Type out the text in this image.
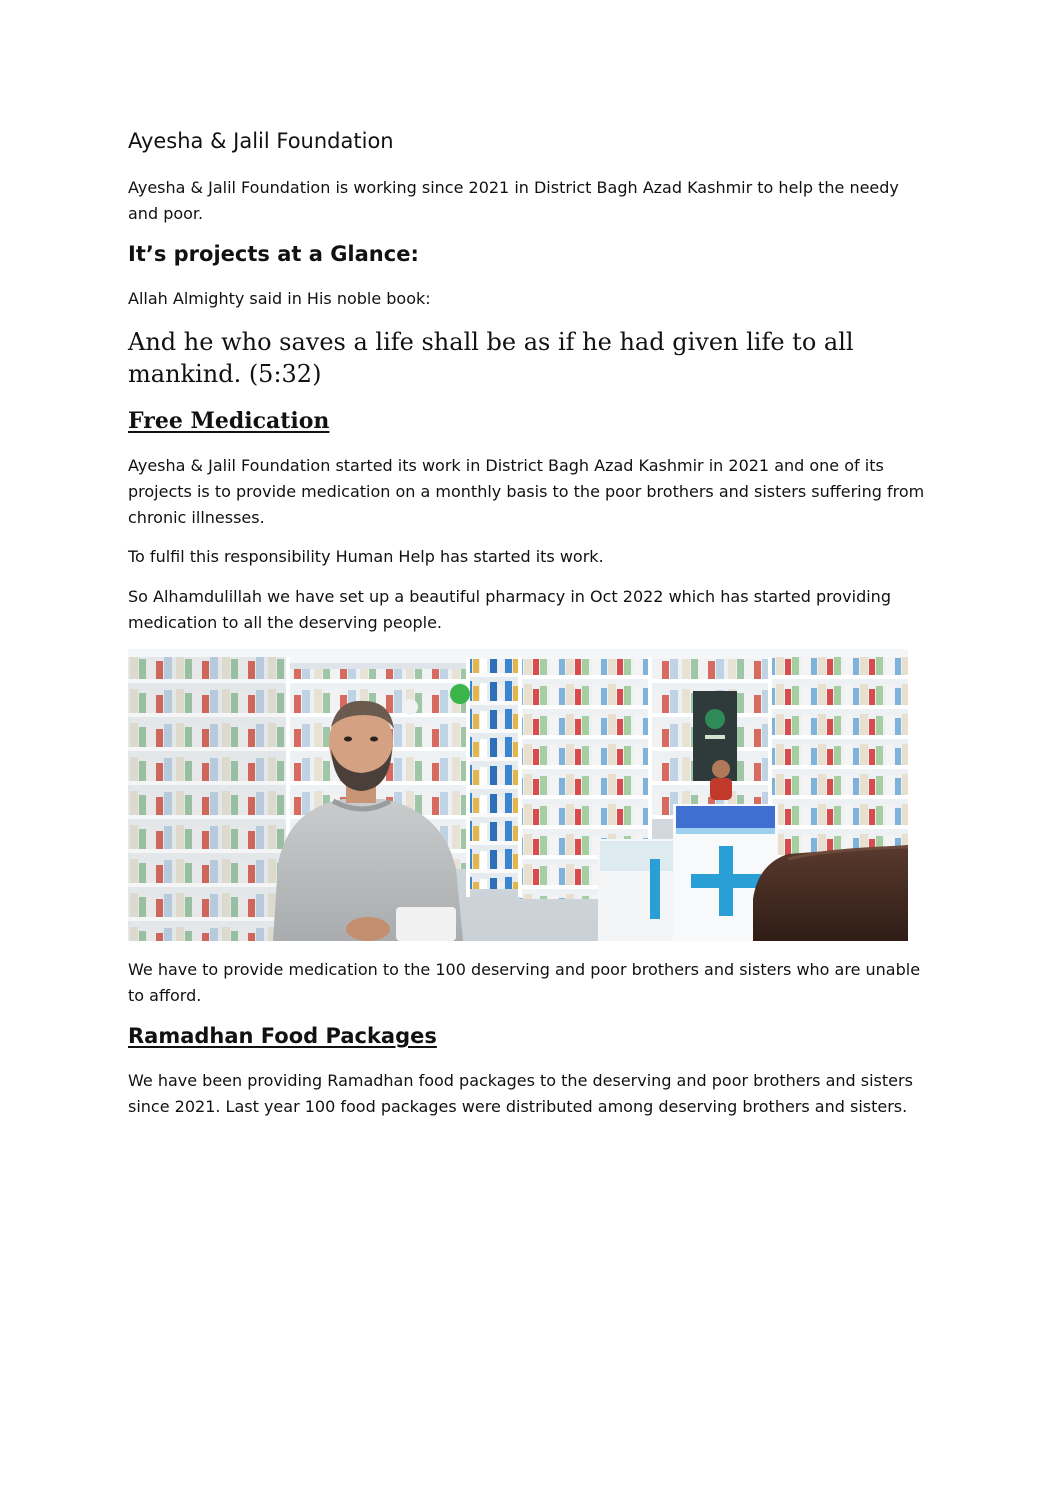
Ayesha & Jalil Foundation

Ayesha & Jalil Foundation is working since 2021 in District Bagh Azad Kashmir to help the needy and poor.

It’s projects at a Glance:

Allah Almighty said in His noble book:

And he who saves a life shall be as if he had given life to all mankind. (5:32)

Free Medication

Ayesha & Jalil Foundation started its work in District Bagh Azad Kashmir in 2021 and one of its projects is to provide medication on a monthly basis to the poor brothers and sisters suffering from chronic illnesses.

To fulfil this responsibility Human Help has started its work.

So Alhamdulillah we have set up a beautiful pharmacy in Oct 2022 which has started providing medication to all the deserving people.

We have to provide medication to the 100 deserving and poor brothers and sisters who are unable to afford.

Ramadhan Food Packages

We have been providing Ramadhan food packages to the deserving and poor brothers and sisters since 2021. Last year 100 food packages were distributed among deserving brothers and sisters.
